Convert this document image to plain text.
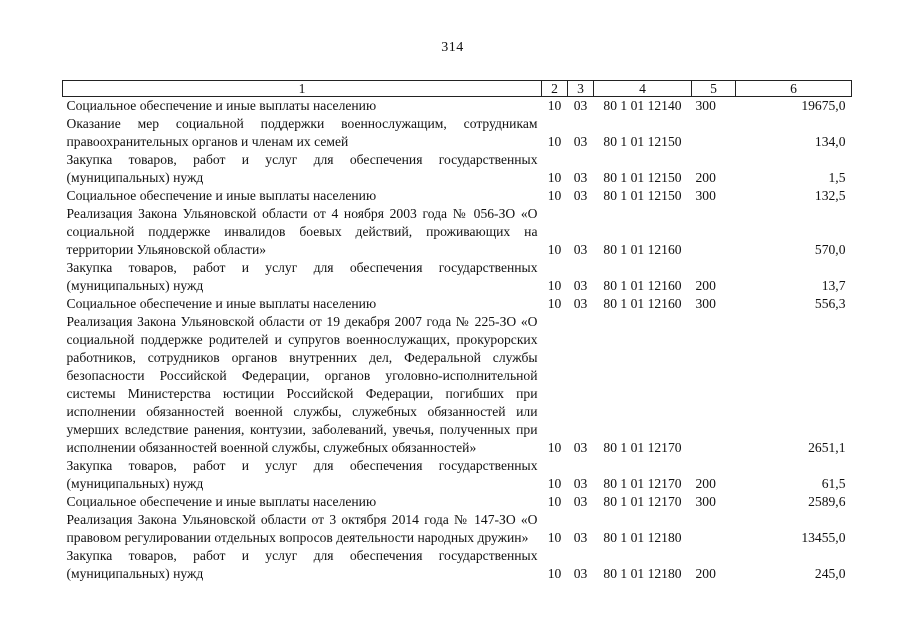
314
1	2	3	4	5	6
Социальное обеспечение и иные выплаты населению	10	03	80 1 01 12140	300	19675,0
Оказание мер социальной поддержки военнослужащим, сотрудникам правоохранительных органов и членам их семей	10	03	80 1 01 12150		134,0
Закупка товаров, работ и услуг для обеспечения государственных (муниципальных) нужд	10	03	80 1 01 12150	200	1,5
Социальное обеспечение и иные выплаты населению	10	03	80 1 01 12150	300	132,5
Реализация Закона Ульяновской области от 4 ноября 2003 года № 056-ЗО «О социальной поддержке инвалидов боевых действий, проживающих на территории Ульяновской области»	10	03	80 1 01 12160		570,0
Закупка товаров, работ и услуг для обеспечения государственных (муниципальных) нужд	10	03	80 1 01 12160	200	13,7
Социальное обеспечение и иные выплаты населению	10	03	80 1 01 12160	300	556,3
Реализация Закона Ульяновской области от 19 декабря 2007 года № 225-ЗО «О социальной поддержке родителей и супругов военнослужащих, прокурорских работников, сотрудников органов внутренних дел, Федеральной службы безопасности Российской Федерации, органов уголовно-исполнительной системы Министерства юстиции Российской Федерации, погибших при исполнении обязанностей военной службы, служебных обязанностей или умерших вследствие ранения, контузии, заболеваний, увечья, полученных при исполнении обязанностей военной службы, служебных обязанностей»	10	03	80 1 01 12170		2651,1
Закупка товаров, работ и услуг для обеспечения государственных (муниципальных) нужд	10	03	80 1 01 12170	200	61,5
Социальное обеспечение и иные выплаты населению	10	03	80 1 01 12170	300	2589,6
Реализация Закона Ульяновской области от 3 октября 2014 года № 147-ЗО «О правовом регулировании отдельных вопросов деятельности народных дружин»	10	03	80 1 01 12180		13455,0
Закупка товаров, работ и услуг для обеспечения государственных (муниципальных) нужд	10	03	80 1 01 12180	200	245,0
